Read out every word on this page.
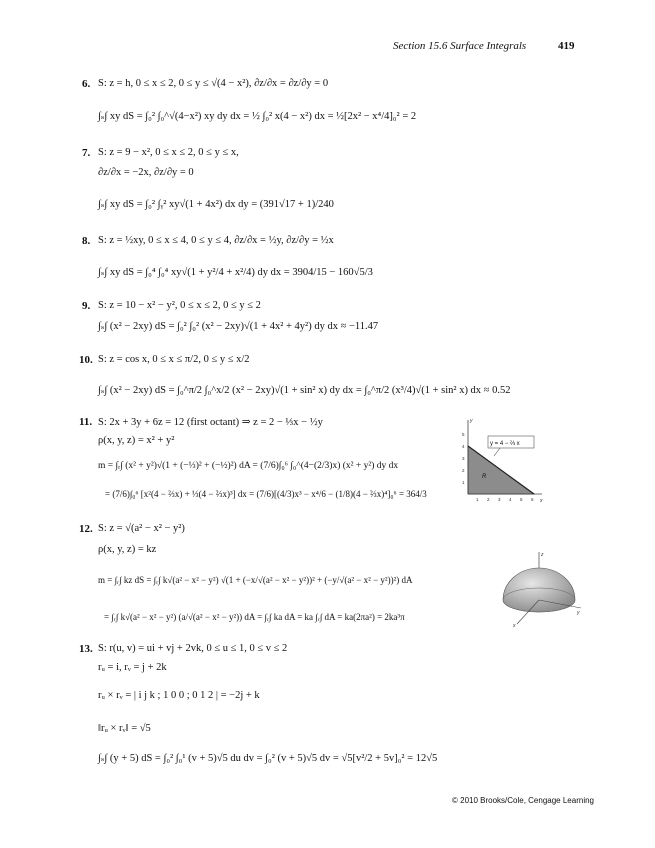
Section 15.6 Surface Integrals	419
6. S: z = h, 0 ≤ x ≤ 2, 0 ≤ y ≤ √(4 − x²), ∂z/∂x = ∂z/∂y = 0
∫ₛ∫ xy dS = ∫₀² ∫₀^√(4−x²) xy dy dx = ½ ∫₀² x(4 − x²) dx = ½[2x² − x⁴/4]₀² = 2
7. S: z = 9 − x², 0 ≤ x ≤ 2, 0 ≤ y ≤ x,
∂z/∂x = −2x, ∂z/∂y = 0
∫ₛ∫ xy dS = ∫₀² ∫ᵧ² xy√(1 + 4x²) dx dy = (391√17 + 1)/240
8. S: z = ½xy, 0 ≤ x ≤ 4, 0 ≤ y ≤ 4, ∂z/∂x = ½y, ∂z/∂y = ½x
∫ₛ∫ xy dS = ∫₀⁴ ∫₀⁴ xy√(1 + y²/4 + x²/4) dy dx = 3904/15 − 160√5/3
9. S: z = 10 − x² − y², 0 ≤ x ≤ 2, 0 ≤ y ≤ 2
∫ₛ∫ (x² − 2xy) dS = ∫₀² ∫₀² (x² − 2xy)√(1 + 4x² + 4y²) dy dx ≈ −11.47
10. S: z = cos x, 0 ≤ x ≤ π/2, 0 ≤ y ≤ x/2
∫ₛ∫ (x² − 2xy) dS = ∫₀^π/2 ∫₀^x/2 (x² − 2xy)√(1 + sin² x) dy dx = ∫₀^π/2 (x³/4)√(1 + sin² x) dx ≈ 0.52
11. S: 2x + 3y + 6z = 12 (first octant) ⇒ z = 2 − ⅓x − ½y
ρ(x, y, z) = x² + y²
m = ∫ᵣ∫ (x² + y²)√(1 + (−⅓)² + (−½)²) dA = (7/6)∫₀⁶ ∫₀^(4−(2/3)x) (x² + y²) dy dx
= (7/6)∫₀⁶ [x²(4 − ⅔x) + ⅓(4 − ⅔x)³] dx = (7/6)[(4/3)x³ − x⁴/6 − (1/8)(4 − ⅔x)⁴]₀⁶ = 364/3
y = 4 − ⅔ x
R
1 2 3 4 5 6
1
2
3
4
5
x
y
12. S: z = √(a² − x² − y²)
ρ(x, y, z) = kz
m = ∫ᵣ∫ kz dS = ∫ᵣ∫ k√(a² − x² − y²) √(1 + (−x/√(a² − x² − y²))² + (−y/√(a² − x² − y²))²) dA
= ∫ᵣ∫ k√(a² − x² − y²) (a/√(a² − x² − y²)) dA = ∫ᵣ∫ ka dA = ka ∫ᵣ∫ dA = ka(2πa²) = 2ka³π
z
x
y
13. S: r(u, v) = ui + vj + 2vk, 0 ≤ u ≤ 1, 0 ≤ v ≤ 2
rᵤ = i, rᵥ = j + 2k
rᵤ × rᵥ = | i j k ; 1 0 0 ; 0 1 2 | = −2j + k
‖rᵤ × rᵥ‖ = √5
∫ₛ∫ (y + 5) dS = ∫₀² ∫₀¹ (v + 5)√5 du dv = ∫₀² (v + 5)√5 dv = √5[v²/2 + 5v]₀² = 12√5
© 2010 Brooks/Cole, Cengage Learning
